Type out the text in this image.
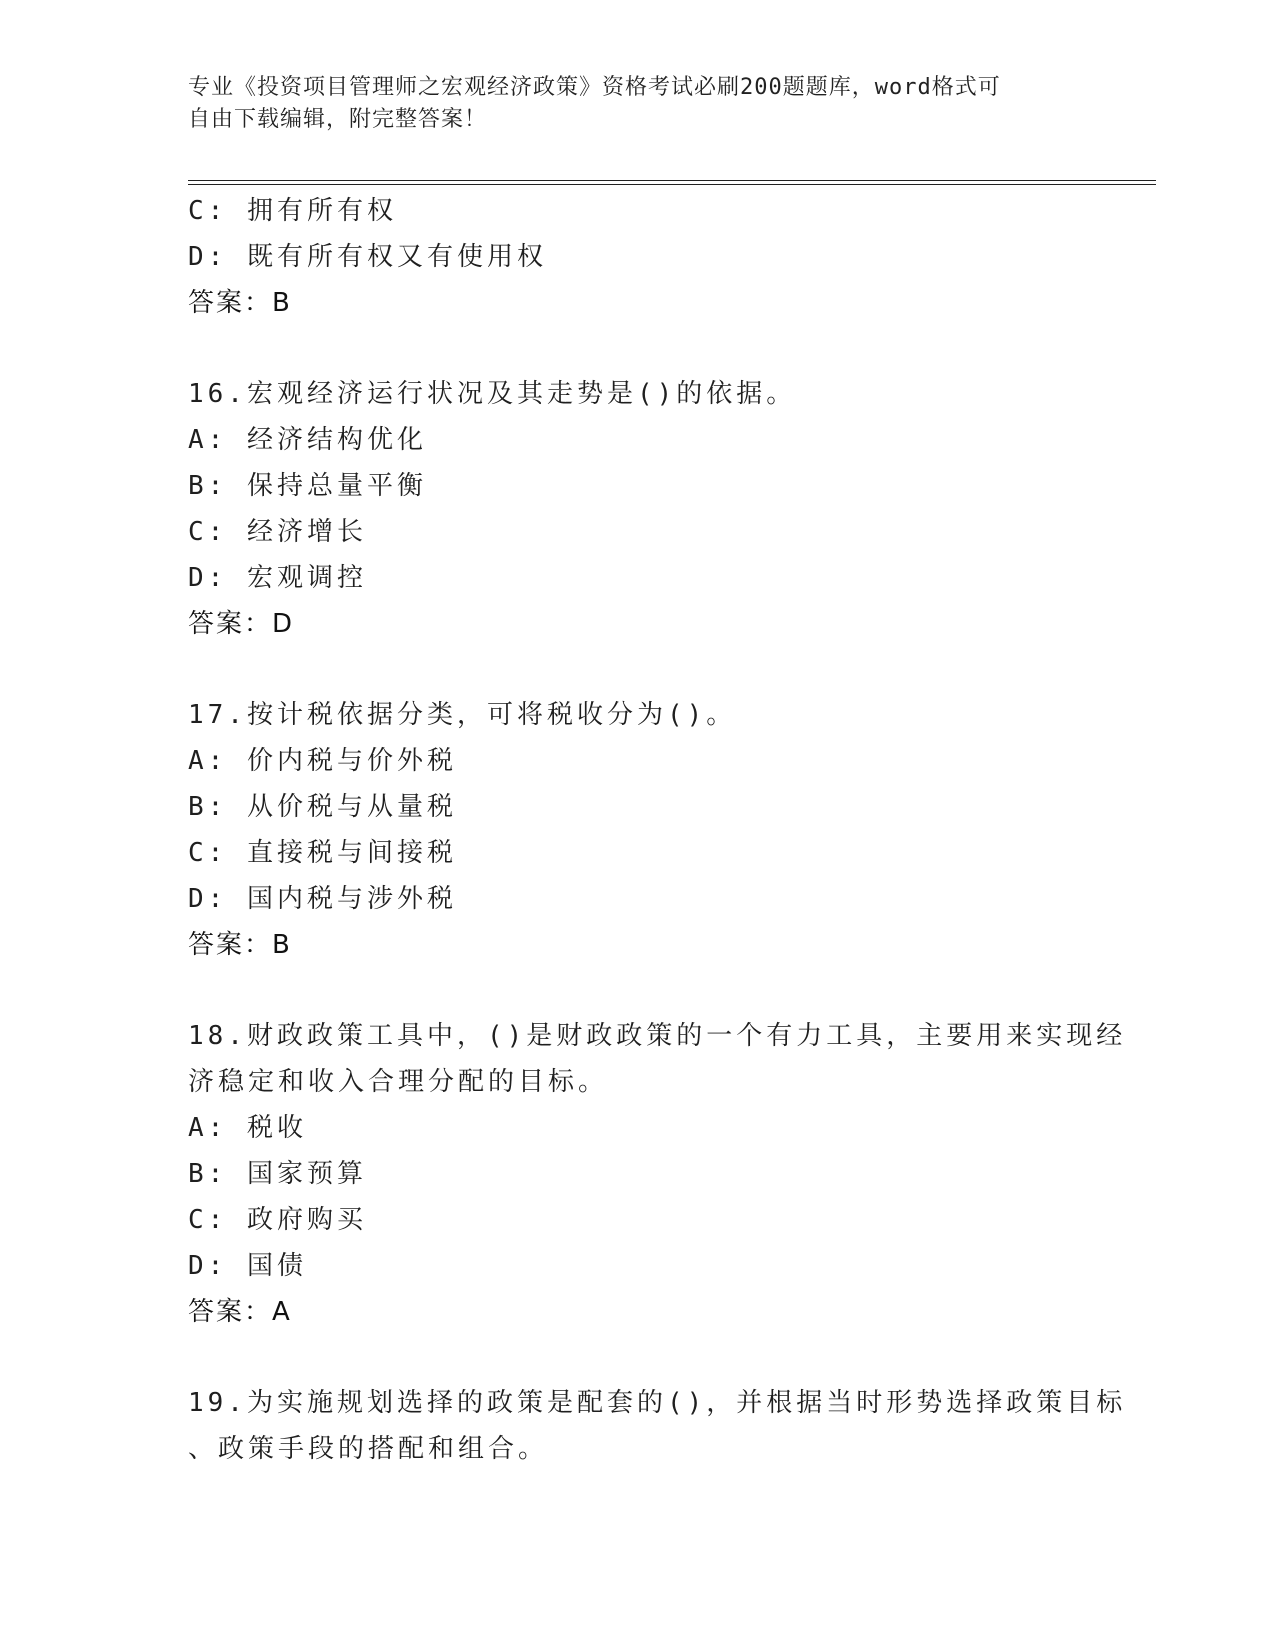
专业《投资项目管理师之宏观经济政策》资格考试必刷200题题库，word格式可
自由下载编辑，附完整答案！
C: 拥有所有权
D: 既有所有权又有使用权
答案：B
16.宏观经济运行状况及其走势是()的依据。
A: 经济结构优化
B: 保持总量平衡
C: 经济增长
D: 宏观调控
答案：D
17.按计税依据分类，可将税收分为()。
A: 价内税与价外税
B: 从价税与从量税
C: 直接税与间接税
D: 国内税与涉外税
答案：B
18.财政政策工具中，()是财政政策的一个有力工具，主要用来实现经
济稳定和收入合理分配的目标。
A: 税收
B: 国家预算
C: 政府购买
D: 国债
答案：A
19.为实施规划选择的政策是配套的()，并根据当时形势选择政策目标
、政策手段的搭配和组合。
